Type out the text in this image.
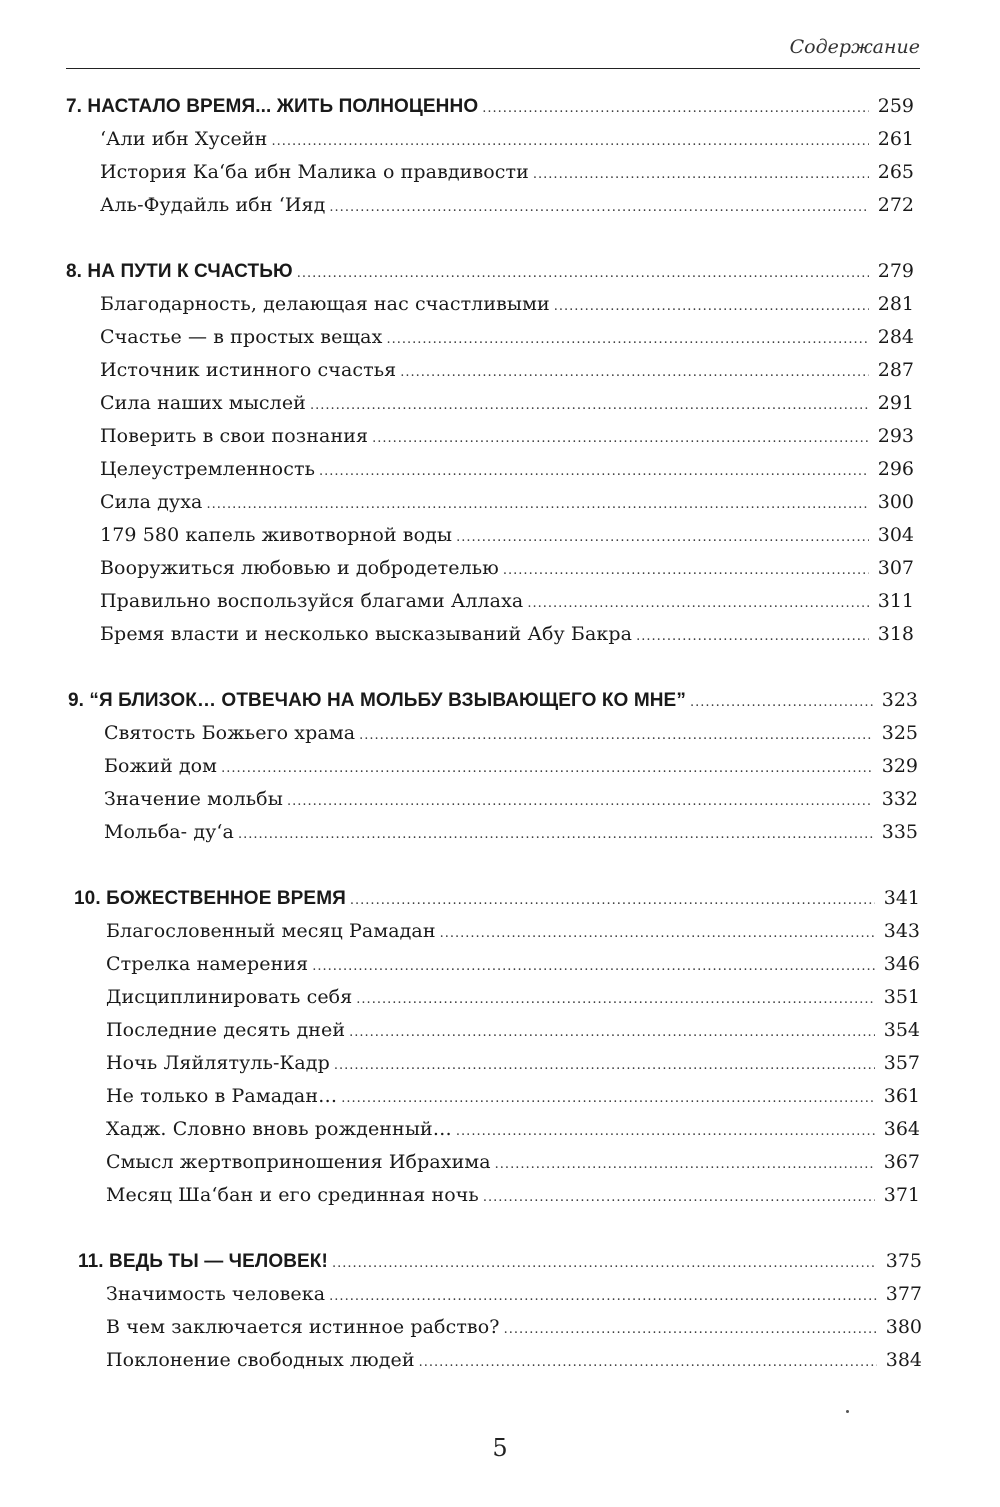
Содержание
7. НАСТАЛО ВРЕМЯ... ЖИТЬ ПОЛНОЦЕННО .....	259
ʻАли ибн Хусейн .....	261
История Каʻба ибн Малика о правдивости .....	265
Аль-Фудайль ибн ʻИяд .....	272
8. НА ПУТИ К СЧАСТЬЮ .....	279
Благодарность, делающая нас счастливыми .....	281
Счастье — в простых вещах .....	284
Источник истинного счастья .....	287
Сила наших мыслей .....	291
Поверить в свои познания .....	293
Целеустремленность .....	296
Сила духа .....	300
179 580 капель животворной воды .....	304
Вооружиться любовью и добродетелью .....	307
Правильно воспользуйся благами Аллаха .....	311
Бремя власти и несколько высказываний Абу Бакра .....	318
9. “Я БЛИЗОК… ОТВЕЧАЮ НА МОЛЬБУ ВЗЫВАЮЩЕГО КО МНЕ” .....	323
Святость Божьего храма .....	325
Божий дом .....	329
Значение мольбы .....	332
Мольба- дуʻа .....	335
10. БОЖЕСТВЕННОЕ ВРЕМЯ .....	341
Благословенный месяц Рамадан .....	343
Стрелка намерения .....	346
Дисциплинировать себя .....	351
Последние десять дней .....	354
Ночь Ляйлятуль-Кадр .....	357
Не только в Рамадан… .....	361
Хадж. Словно вновь рожденный… .....	364
Смысл жертвоприношения Ибрахима .....	367
Месяц Шаʻбан и его срединная ночь .....	371
11. ВЕДЬ ТЫ — ЧЕЛОВЕК! .....	375
Значимость человека .....	377
В чем заключается истинное рабство? .....	380
Поклонение свободных людей .....	384
5
